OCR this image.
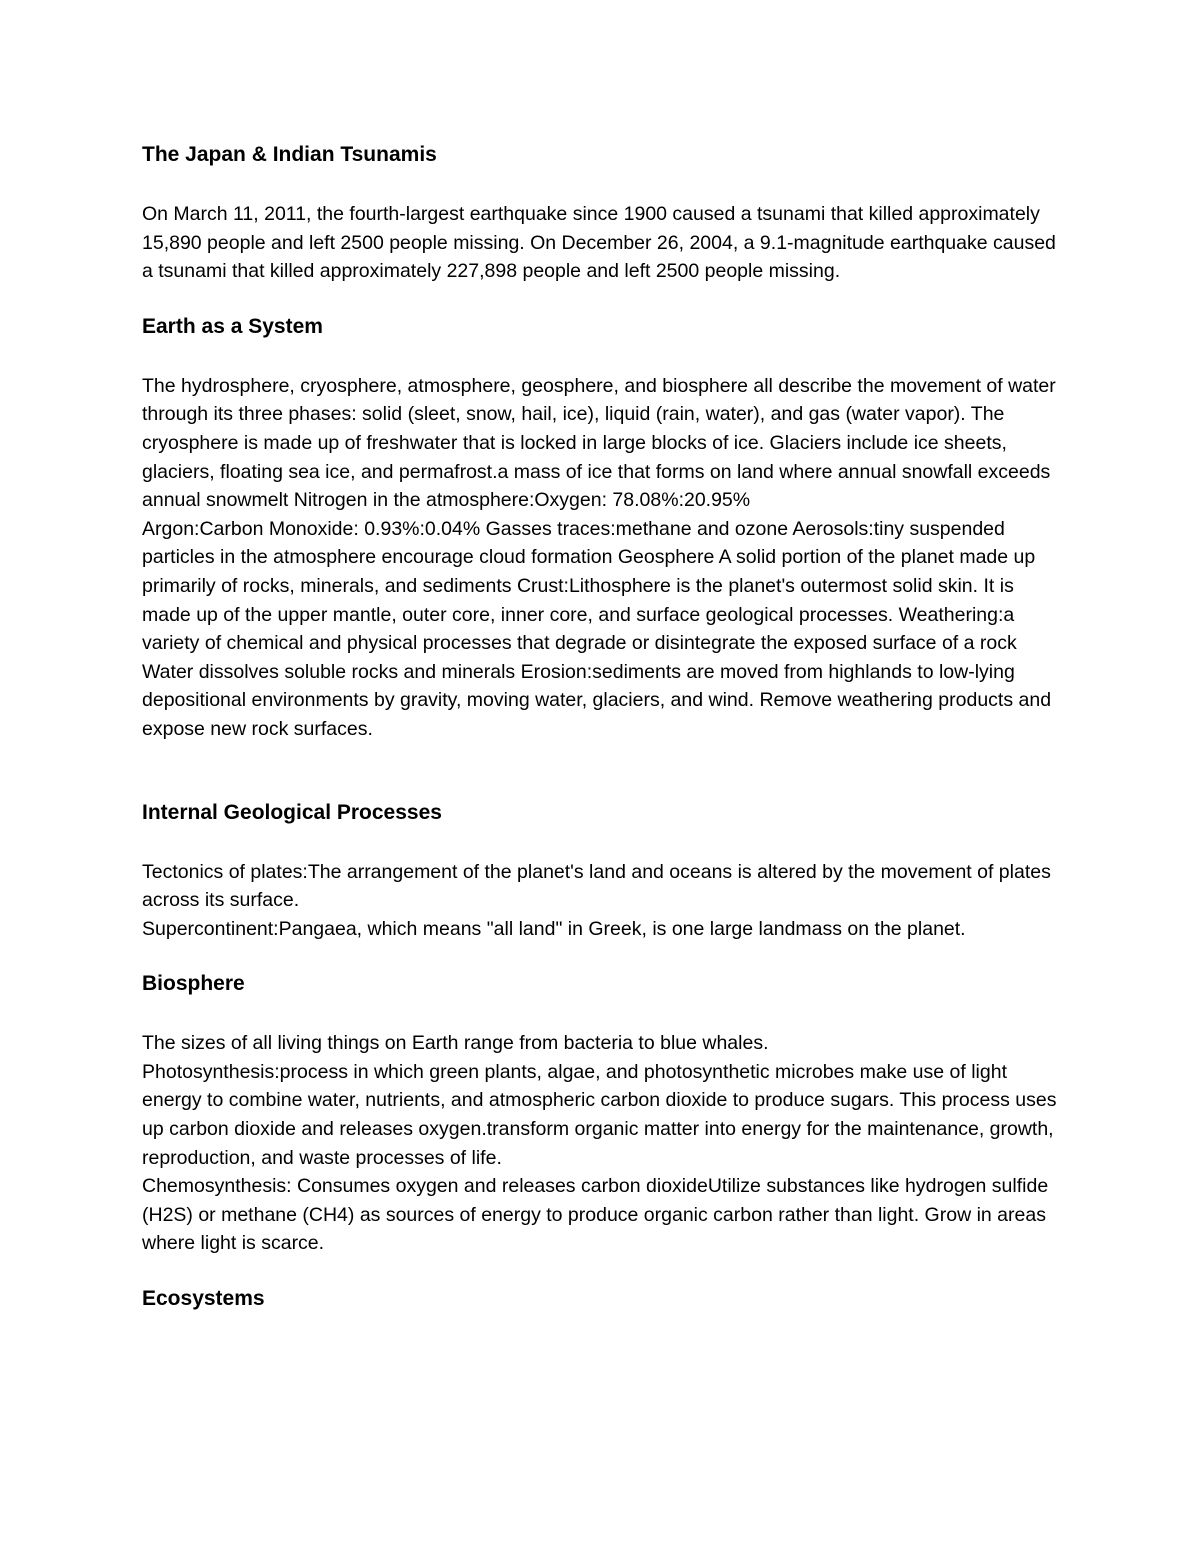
The Japan & Indian Tsunamis
On March 11, 2011, the fourth-largest earthquake since 1900 caused a tsunami that killed approximately 15,890 people and left 2500 people missing. On December 26, 2004, a 9.1-magnitude earthquake caused a tsunami that killed approximately 227,898 people and left 2500 people missing.
Earth as a System
The hydrosphere, cryosphere, atmosphere, geosphere, and biosphere all describe the movement of water through its three phases: solid (sleet, snow, hail, ice), liquid (rain, water), and gas (water vapor). The cryosphere is made up of freshwater that is locked in large blocks of ice. Glaciers include ice sheets, glaciers, floating sea ice, and permafrost.a mass of ice that forms on land where annual snowfall exceeds annual snowmelt Nitrogen in the atmosphere:Oxygen: 78.08%:20.95%
Argon:Carbon Monoxide: 0.93%:0.04% Gasses traces:methane and ozone Aerosols:tiny suspended particles in the atmosphere encourage cloud formation Geosphere A solid portion of the planet made up primarily of rocks, minerals, and sediments Crust:Lithosphere is the planet's outermost solid skin. It is made up of the upper mantle, outer core, inner core, and surface geological processes. Weathering:a variety of chemical and physical processes that degrade or disintegrate the exposed surface of a rock Water dissolves soluble rocks and minerals Erosion:sediments are moved from highlands to low-lying depositional environments by gravity, moving water, glaciers, and wind. Remove weathering products and expose new rock surfaces.
Internal Geological Processes
Tectonics of plates:The arrangement of the planet's land and oceans is altered by the movement of plates across its surface.
Supercontinent:Pangaea, which means "all land" in Greek, is one large landmass on the planet.
Biosphere
The sizes of all living things on Earth range from bacteria to blue whales.
Photosynthesis:process in which green plants, algae, and photosynthetic microbes make use of light energy to combine water, nutrients, and atmospheric carbon dioxide to produce sugars. This process uses up carbon dioxide and releases oxygen.transform organic matter into energy for the maintenance, growth, reproduction, and waste processes of life.
Chemosynthesis: Consumes oxygen and releases carbon dioxideUtilize substances like hydrogen sulfide (H2S) or methane (CH4) as sources of energy to produce organic carbon rather than light. Grow in areas where light is scarce.
Ecosystems
